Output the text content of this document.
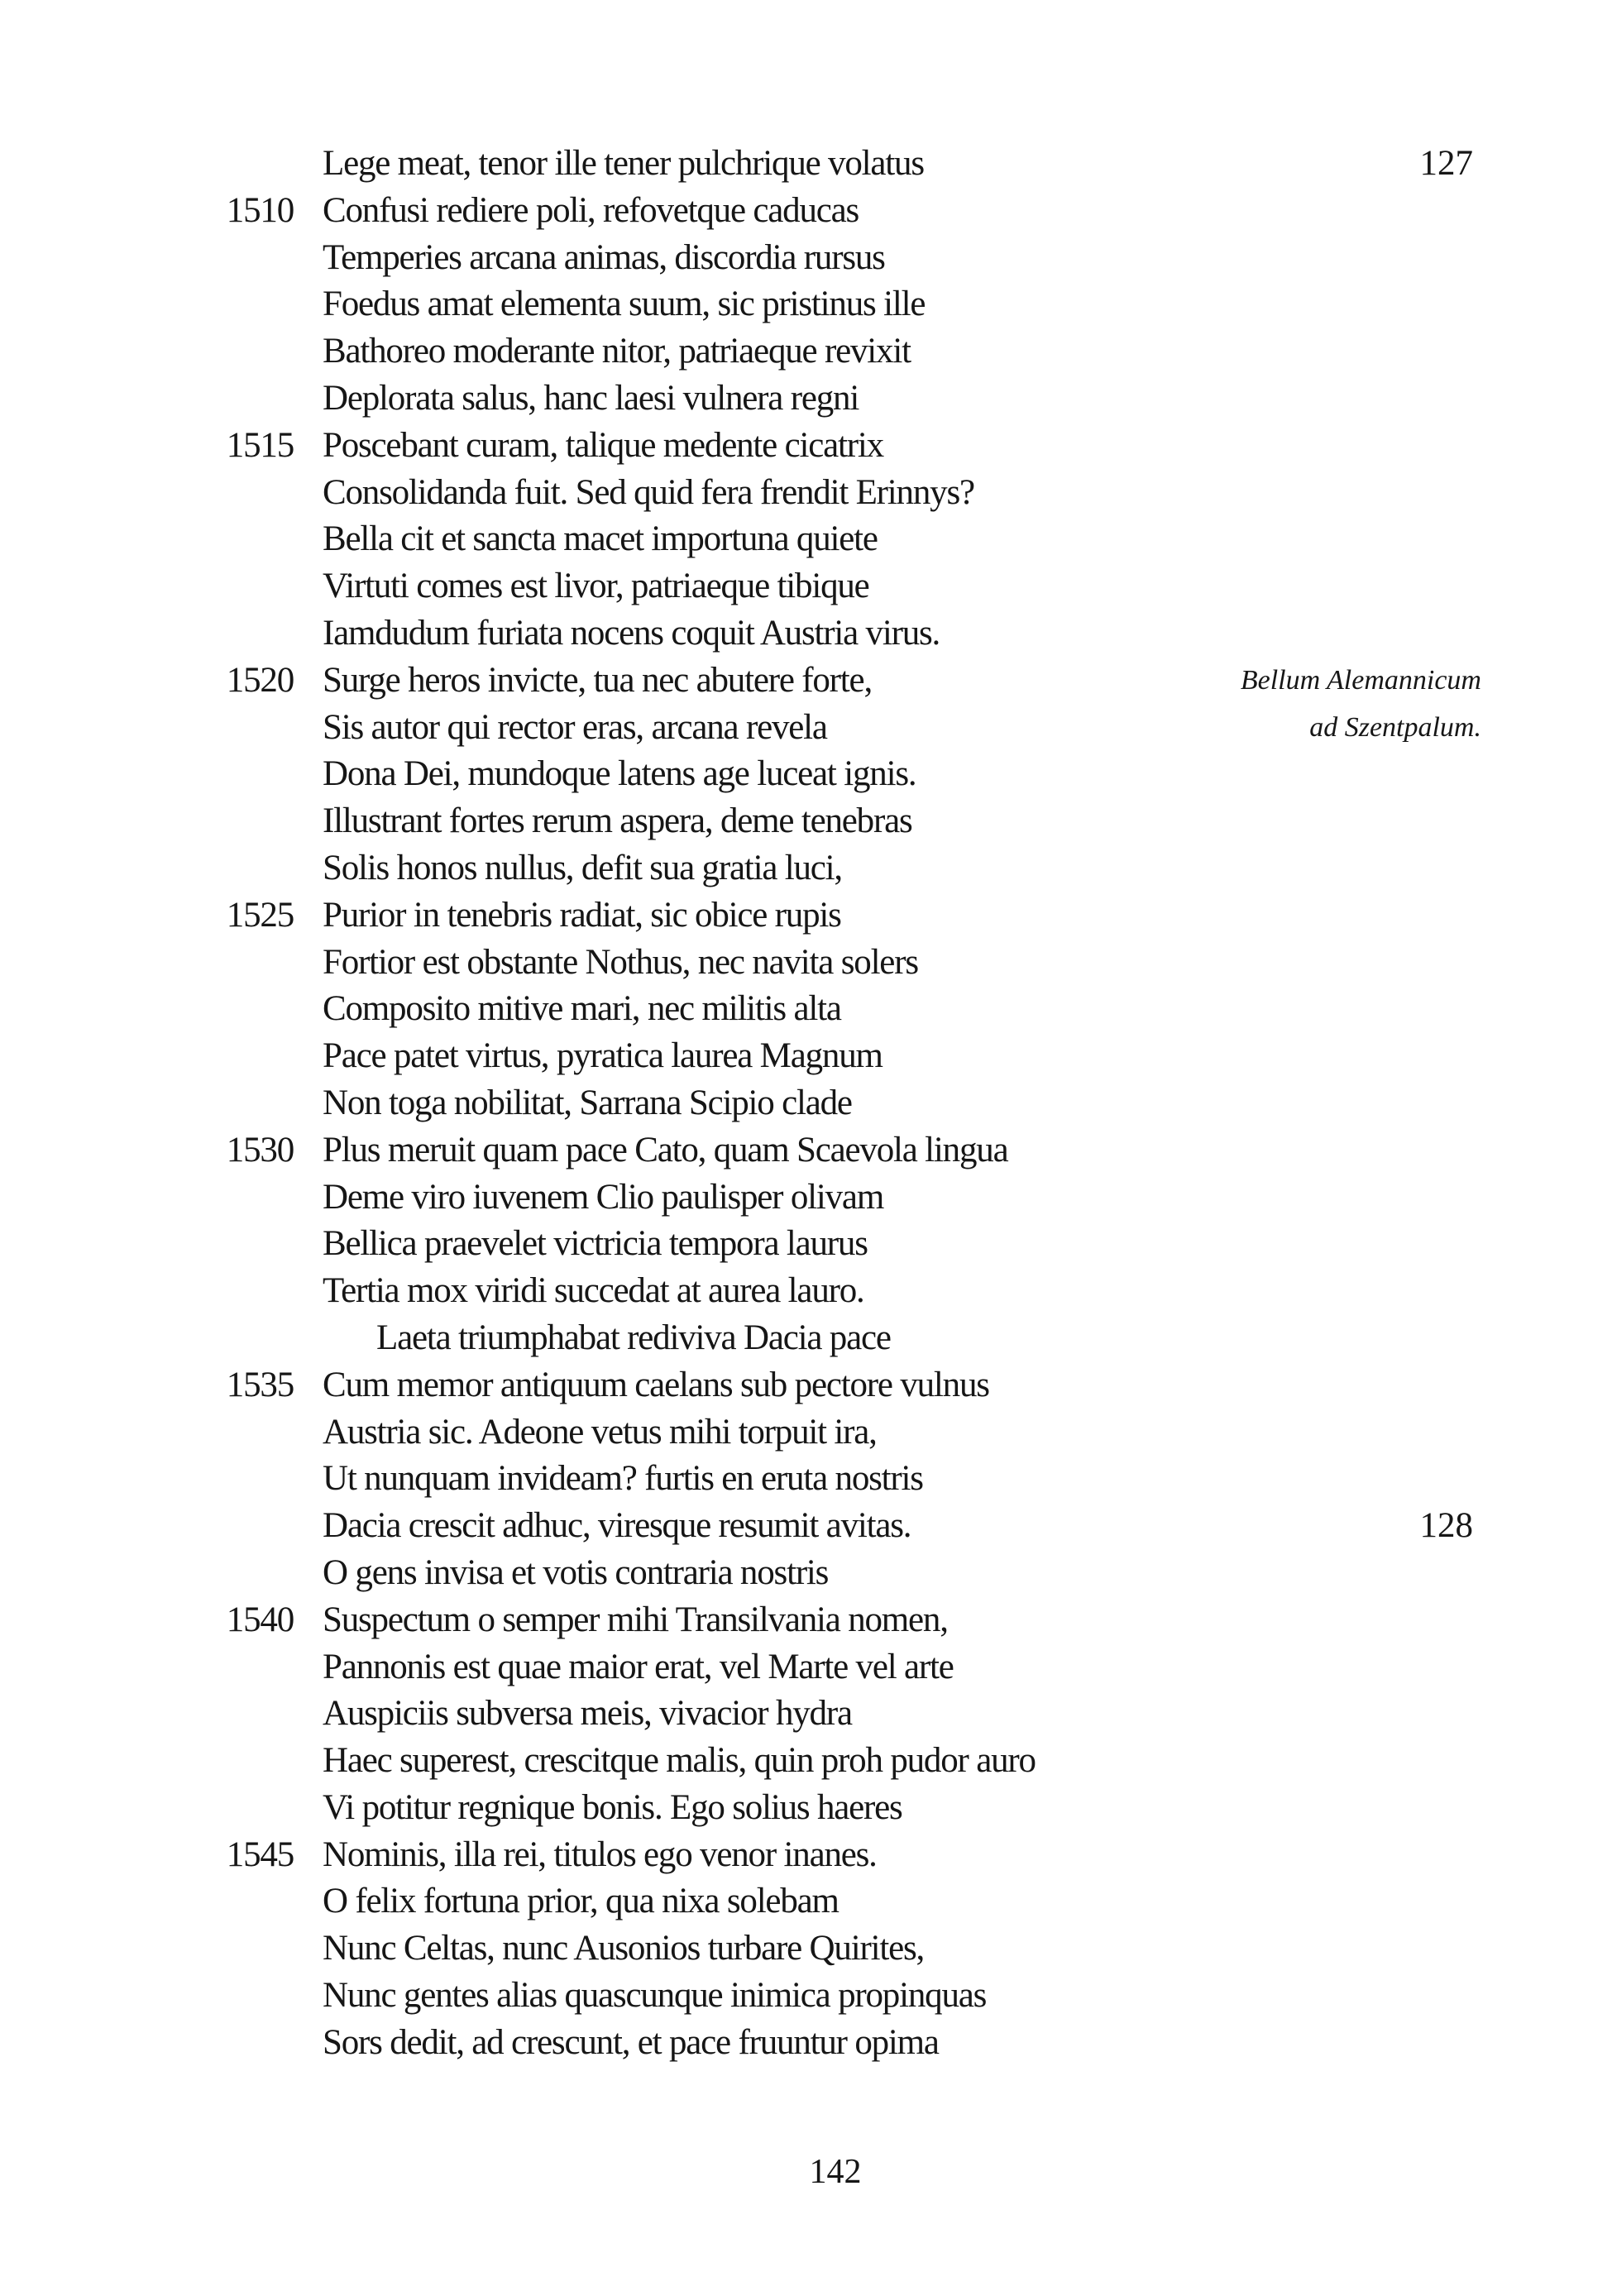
Lege meat, tenor ille tener pulchrique volatus	127
1510 Confusi rediere poli, refovetque caducas
Temperies arcana animas, discordia rursus
Foedus amat elementa suum, sic pristinus ille
Bathoreo moderante nitor, patriaeque revixit
Deplorata salus, hanc laesi vulnera regni
1515 Poscebant curam, talique medente cicatrix
Consolidanda fuit. Sed quid fera frendit Erinnys?
Bella cit et sancta macet importuna quiete
Virtuti comes est livor, patriaeque tibique
Iamdudum furiata nocens coquit Austria virus.
1520 Surge heros invicte, tua nec abutere forte,	Bellum Alemannicum
Sis autor qui rector eras, arcana revela	ad Szentpalum.
Dona Dei, mundoque latens age luceat ignis.
Illustrant fortes rerum aspera, deme tenebras
Solis honos nullus, defit sua gratia luci,
1525 Purior in tenebris radiat, sic obice rupis
Fortior est obstante Nothus, nec navita solers
Composito mitive mari, nec militis alta
Pace patet virtus, pyratica laurea Magnum
Non toga nobilitat, Sarrana Scipio clade
1530 Plus meruit quam pace Cato, quam Scaevola lingua
Deme viro iuvenem Clio paulisper olivam
Bellica praevelet victricia tempora laurus
Tertia mox viridi succedat at aurea lauro.
Laeta triumphabat rediviva Dacia pace
1535 Cum memor antiquum caelans sub pectore vulnus
Austria sic. Adeone vetus mihi torpuit ira,
Ut nunquam invideam? furtis en eruta nostris
Dacia crescit adhuc, viresque resumit avitas.	128
O gens invisa et votis contraria nostris
1540 Suspectum o semper mihi Transilvania nomen,
Pannonis est quae maior erat, vel Marte vel arte
Auspiciis subversa meis, vivacior hydra
Haec superest, crescitque malis, quin proh pudor auro
Vi potitur regnique bonis. Ego solius haeres
1545 Nominis, illa rei, titulos ego venor inanes.
O felix fortuna prior, qua nixa solebam
Nunc Celtas, nunc Ausonios turbare Quirites,
Nunc gentes alias quascunque inimica propinquas
Sors dedit, ad crescunt, et pace fruuntur opima
142
